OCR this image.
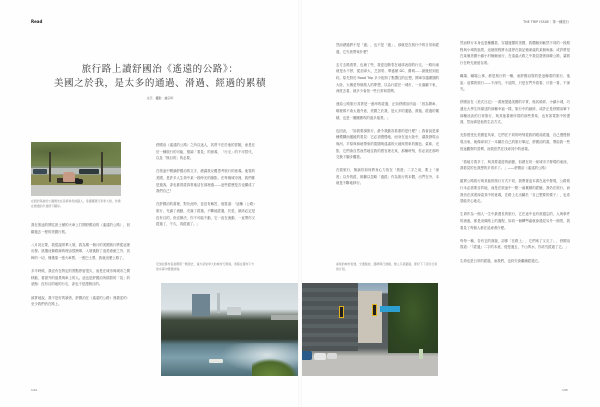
Read
旅行路上讀舒國治《遙遠的公路》：
美國之於我，是太多的通過、滑過、經過的累積
文字．攝影．盧宗昕
在紐約某處的公園裡坐在長椅休息的路人，身邊擺著行李和大袋，彷彿在旅途的半途停下腳步。

我在旅途的開往波士頓的火車上打開舒國治的《遙遠的公路》，回顧過去一程的美國行旅。

八月初正要，我從溫哥華入境，我為期一個月的美國旅行將從這裡出發。挑選這條路線的理由很簡單，入境後除了逛美術館之外，其餘的一切，僅僅靠一張火車票、一張巴士票，我就這麼上路了。

多半時候，我沒有在特定的景點停留很久，而是在城市與城市之間移動，看窗外的風景與車上的人。這也是舒國治所描寫的「晃」的狀態：沒有目的地的行走，卻也不是漫無目的。

誠實地說，我不是好的讀者，舒國治在《遙遠的公路》裡描述的：至少我們仍在路上。

舒國治《遙遠的公路》之所以迷人，其實不在於他的冒險，而是在於一種旅行的可能，強調「看見」的意義，「行走」的不可替代，以及「無目的」的必要。

在旅途中閱讀舒國治的文字，總讓我反覆思考旅行的意義。他寫的美國，是許多人生命中某一段時光的縮影。在每個城市裡，我們都是過客，卻也都曾經真實地活在那裡過——這些經歷是否也構成了我們自己？

在舒國治的書裡，對於此時，並沒有解答，他寫道：「這種（公路）旅行，充滿了流動，充滿了經過，不斷地經過，於是，最終必定是沒有目的，但沒辦法，你不可能不動，它一直在流動，一直帶你又經過了，不久，再經過了。」

尼加拉瀑布從美國那一側望去，遠方是加拿大的城市天際線，遊船在瀑布下方的水霧中緩緩前進。
144
THE TRIP ISSUE｜第一種旅行

然而總過將不是「過」，也不是「過」，那就是在旅行中的日常和經過，它究竟帶來什麼？

去方去路看景，也補了些，我更加熱衷在地球表面的行走，一路向東就是永不停，從加拿大、芝加哥、華盛頓 DC、費城……最後回到紐約。原先對於 Road Trip 多少抱持了點嚮往的幻想，開車穿越廣闊的大陸，大概是每個旅人的夢想，以為行經任一城市，一旦落腳下來，深度去看，就多少會找一些日常和習慣。

連結公路旅行其實是一連串的經過，正如舒國治所說：「因為開車，哪裡都不會太過介意，美國之於我，是太多的通過、滑過、經過的累積，也是一團團塵埃的旋多風景。」

也因此，「如我要讀旅行，最令我動容看重的是什麼？」我會說是那種模糊而遲緩的看見：它必須慢慢地，而身在這大陸中，讓我發現山與河、平原與林地帶來的寬闊與遠處的大地與景象的顏色、氣味、光影，它們會自然而然地往我的感官裡走來，那種時刻，你必須在那時交換下腳步觀看。

在我旅行，無論你如何將身心力放在「旅遊」二字之前，要上「深度」以外的經，都難以忽略「過經」作為旅行的本體，出門在外，本就是不斷地移行。

尋常的城市街道，交通號誌、路牌與行道樹，旅人只是路過，卻記下了這些日常的片刻。

然而移行本身也是種觀看，穿越遼闊的美國，我體驗到截然不同的一段路程與小城的風景，這趟旅程將永遠停在我記憶深處的某個角落；或許將是在某個美國小鎮小村蜿蜒而行，在遠處大路之中我見證著那條公路，讓旅行在時光裡留存著。

職場、職場公事，都是旅行的一種，而舒國治寫的是這種看的旅行，他說：這樣的旅行——不深究、不追問，只是在門外看看、只看一看，不深究。

舒國治在《美式日記》一書裡提過美國的平實，極其瑣碎、小鎮小城，巧遇北大學生所描述的那種幸福一樣，旅行中的細碎，或許正是舒國治筆下那種淡淡的日常旅行，與其他書裡所寫的那些景象，也有如電影中的畫面，然而那是他的生活方式。

光影感受比美國更具象，它們在不同的時刻從我的眼前經過，自己慢慢發現出來，就像拿到了一本屬於自己的旅行筆記，舒國治的書，帶給我一些因途觀察的習慣，而我依然在找尋其中的意義。

「看地方看多了，與其要遠遊的細節，但總在同一座城市才發現的東西，我看見的比我想的多得多了。」——舒國治《遙遠的公路》

縱貫公路旅行與其他的旅行方式不同，我帶著這本書在途中發現，公路旅行未必需要目的地，而是在旅途中一點一滴累積的經驗，我仍在旅行，而我仍在試著探索其中的意義，在路上走出屬於「自己想要的樣子」，也希望能安心地走。

生命作為一個人一生中最漫長的旅行，它在途中也有被遺忘的，人與事件的流逝，都是這條路上的過程，如同一個轉彎處就會遇見另外一個景，我看見了每個人都在追尋著什麼。

每每一種，各有它的面貌，卻都「在路上」，它們來了又走了」，舒國治寫道：「『經過』二字的本意，便是過去，千山萬水，你終究經過了它。」

生命也是日常的經過，而我們，也終究會繼續經過它。

145
